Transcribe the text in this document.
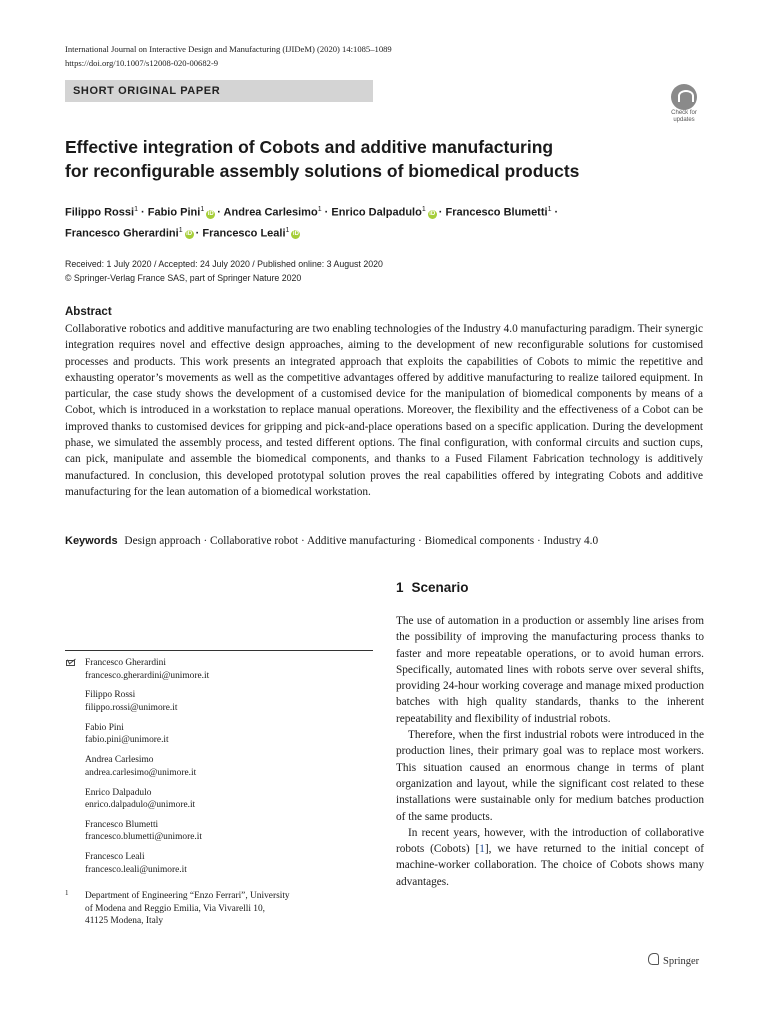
International Journal on Interactive Design and Manufacturing (IJIDeM) (2020) 14:1085–1089
https://doi.org/10.1007/s12008-020-00682-9
SHORT ORIGINAL PAPER
Check for
updates
Effective integration of Cobots and additive manufacturing
for reconfigurable assembly solutions of biomedical products
Filippo Rossi$^1$ · Fabio Pini$^1$iD · Andrea Carlesimo$^1$ · Enrico Dalpadulo$^1$iD · Francesco Blumetti$^1$ ·
Francesco Gherardini$^1$iD · Francesco Leali$^1$iD
Received: 1 July 2020 / Accepted: 24 July 2020 / Published online: 3 August 2020
© Springer-Verlag France SAS, part of Springer Nature 2020
Abstract

Collaborative robotics and additive manufacturing are two enabling technologies of the Industry 4.0 manufacturing paradigm. Their synergic integration requires novel and effective design approaches, aiming to the development of new reconfigurable solutions for customised processes and products. This work presents an integrated approach that exploits the capabilities of Cobots to mimic the repetitive and exhausting operator’s movements as well as the competitive advantages offered by additive manufacturing to realize tailored equipment. In particular, the case study shows the development of a customised device for the manipulation of biomedical components by means of a Cobot, which is introduced in a workstation to replace manual operations. Moreover, the flexibility and the effectiveness of a Cobot can be improved thanks to customised devices for gripping and pick-and-place operations based on a specific application. During the development phase, we simulated the assembly process, and tested different options. The final configuration, with conformal circuits and suction cups, can pick, manipulate and assemble the biomedical components, and thanks to a Fused Filament Fabrication technology is additively manufactured. In conclusion, this developed prototypal solution proves the real capabilities offered by integrating Cobots and additive manufacturing for the lean automation of a biomedical workstation.

Keywords Design approach · Collaborative robot · Additive manufacturing · Biomedical components · Industry 4.0
1 Scenario

The use of automation in a production or assembly line arises from the possibility of improving the manufacturing process thanks to faster and more repeatable operations, or to avoid human errors. Specifically, automated lines with robots serve over several shifts, providing 24-hour working coverage and manage mixed production batches with high quality standards, thanks to the inherent repeatability and flexibility of industrial robots.

Therefore, when the first industrial robots were introduced in the production lines, their primary goal was to replace most workers. This situation caused an enormous change in terms of plant organization and layout, while the significant cost related to these installations were sustainable only for medium batches production of the same products.

In recent years, however, with the introduction of collaborative robots (Cobots) [1], we have returned to the initial concept of machine-worker collaboration. The choice of Cobots shows many advantages.

Francesco Gherardini
francesco.gherardini@unimore.it
Filippo Rossi
filippo.rossi@unimore.it
Fabio Pini
fabio.pini@unimore.it
Andrea Carlesimo
andrea.carlesimo@unimore.it
Enrico Dalpadulo
enrico.dalpadulo@unimore.it
Francesco Blumetti
francesco.blumetti@unimore.it
Francesco Leali
francesco.leali@unimore.it
1	Department of Engineering “Enzo Ferrari”, University
of Modena and Reggio Emilia, Via Vivarelli 10,
41125 Modena, Italy
Springer
